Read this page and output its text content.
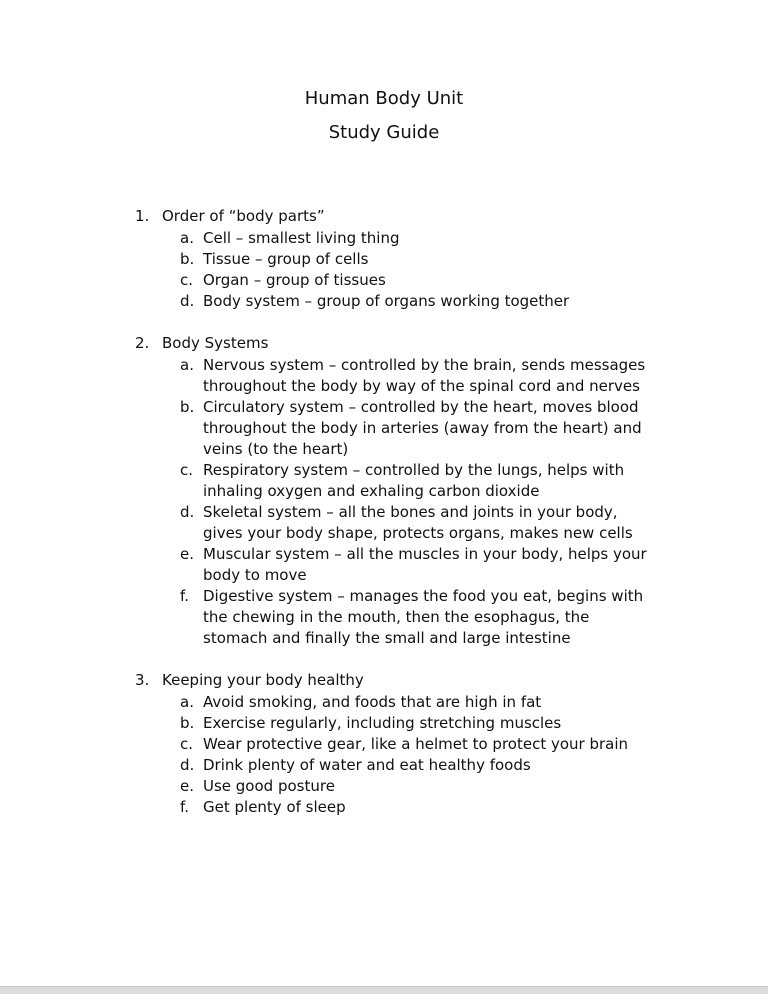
Human Body Unit
Study Guide
1. Order of “body parts”
a. Cell – smallest living thing
b. Tissue – group of cells
c. Organ – group of tissues
d. Body system – group of organs working together
2. Body Systems
a. Nervous system – controlled by the brain, sends messages throughout the body by way of the spinal cord and nerves
b. Circulatory system – controlled by the heart, moves blood throughout the body in arteries (away from the heart) and veins (to the heart)
c. Respiratory system – controlled by the lungs, helps with inhaling oxygen and exhaling carbon dioxide
d. Skeletal system – all the bones and joints in your body, gives your body shape, protects organs, makes new cells
e. Muscular system – all the muscles in your body, helps your body to move
f. Digestive system – manages the food you eat, begins with the chewing in the mouth, then the esophagus, the stomach and finally the small and large intestine
3. Keeping your body healthy
a. Avoid smoking, and foods that are high in fat
b. Exercise regularly, including stretching muscles
c. Wear protective gear, like a helmet to protect your brain
d. Drink plenty of water and eat healthy foods
e. Use good posture
f. Get plenty of sleep
